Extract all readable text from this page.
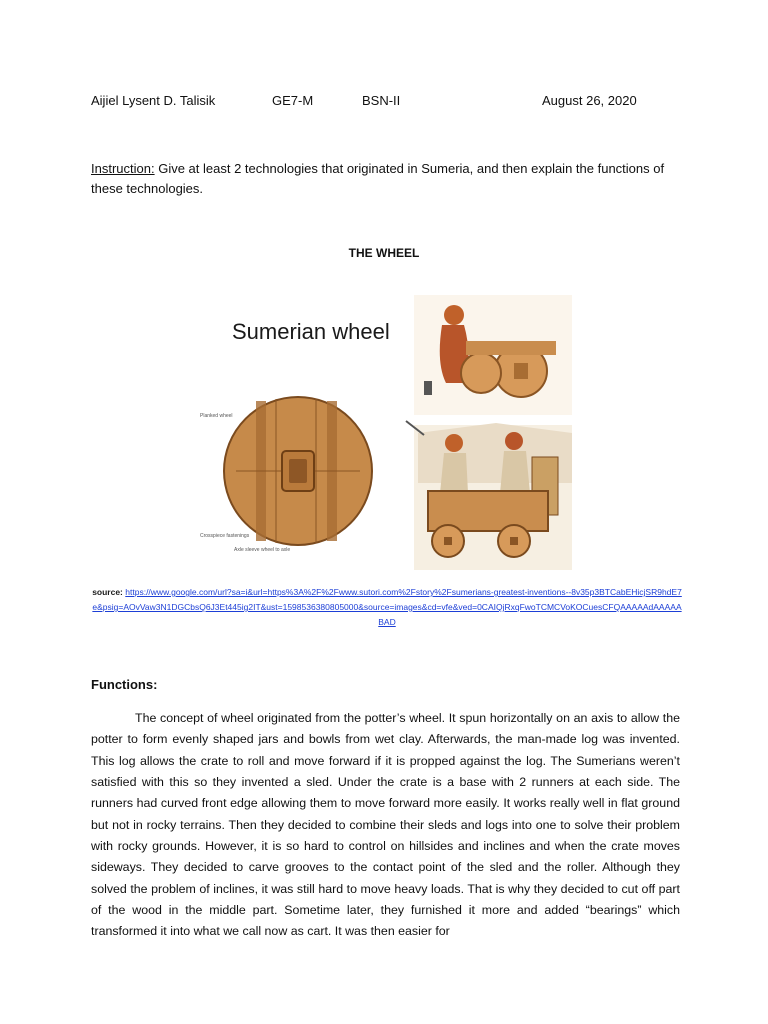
Aijiel Lysent D. Talisik	GE7-M	BSN-II	August 26, 2020
Instruction: Give at least 2 technologies that originated in Sumeria, and then explain the functions of these technologies.
THE WHEEL
Sumerian wheel
Planked wheel
Crosspiece fastenings
Axle sleeve wheel to axle
source: https://www.google.com/url?sa=i&url=https%3A%2F%2Fwww.sutori.com%2Fstory%2Fsumerians-greatest-inventions--8v35p3BTCabEHicjSR9hdE7e&psig=AOvVaw3N1DGCbsQ6J3Et445ig2IT&ust=1598536380805000&source=images&cd=vfe&ved=0CAIQjRxqFwoTCMCVoKOCuesCFQAAAAAdAAAAABAD
Functions:
The concept of wheel originated from the potter’s wheel. It spun horizontally on an axis to allow the potter to form evenly shaped jars and bowls from wet clay. Afterwards, the man-made log was invented. This log allows the crate to roll and move forward if it is propped against the log. The Sumerians weren’t satisfied with this so they invented a sled. Under the crate is a base with 2 runners at each side. The runners had curved front edge allowing them to move forward more easily. It works really well in flat ground but not in rocky terrains. Then they decided to combine their sleds and logs into one to solve their problem with rocky grounds. However, it is so hard to control on hillsides and inclines and when the crate moves sideways. They decided to carve grooves to the contact point of the sled and the roller. Although they solved the problem of inclines, it was still hard to move heavy loads. That is why they decided to cut off part of the wood in the middle part. Sometime later, they furnished it more and added “bearings” which transformed it into what we call now as cart. It was then easier for
